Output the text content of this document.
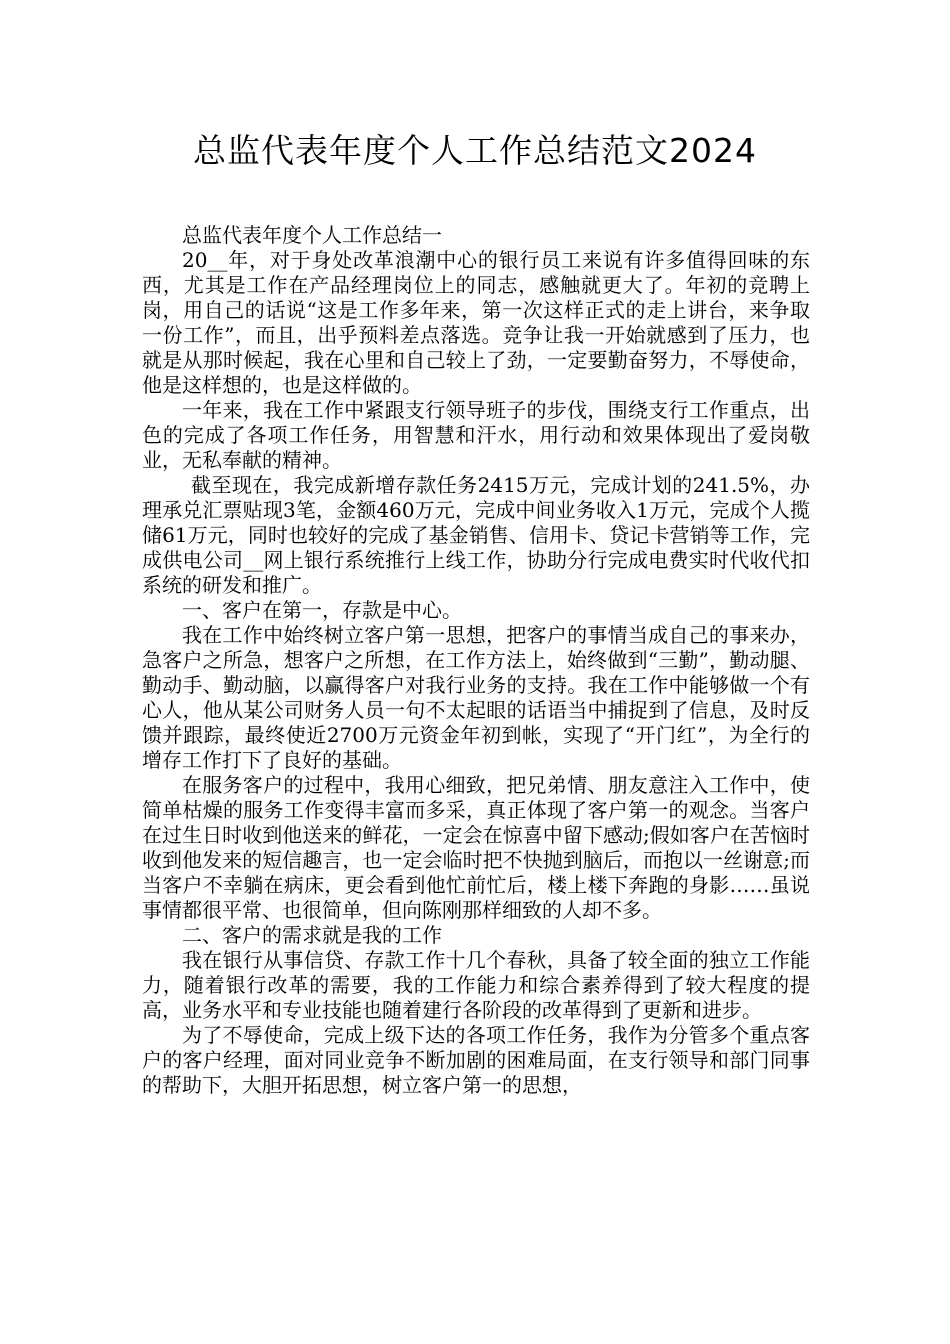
总监代表年度个人工作总结范文2024

总监代表年度个人工作总结一

20__年，对于身处改革浪潮中心的银行员工来说有许多值得回味的东西，尤其是工作在产品经理岗位上的同志，感触就更大了。年初的竞聘上岗，用自己的话说“这是工作多年来，第一次这样正式的走上讲台，来争取一份工作”，而且，出乎预料差点落选。竞争让我一开始就感到了压力，也就是从那时候起，我在心里和自己较上了劲，一定要勤奋努力，不辱使命，他是这样想的，也是这样做的。

一年来，我在工作中紧跟支行领导班子的步伐，围绕支行工作重点，出色的完成了各项工作任务，用智慧和汗水，用行动和效果体现出了爱岗敬业，无私奉献的精神。

截至现在，我完成新增存款任务2415万元，完成计划的241.5%，办理承兑汇票贴现3笔，金额460万元，完成中间业务收入1万元，完成个人揽储61万元，同时也较好的完成了基金销售、信用卡、贷记卡营销等工作，完成供电公司__网上银行系统推行上线工作，协助分行完成电费实时代收代扣系统的研发和推广。

一、客户在第一，存款是中心。

我在工作中始终树立客户第一思想，把客户的事情当成自己的事来办，急客户之所急，想客户之所想，在工作方法上，始终做到“三勤”，勤动腿、勤动手、勤动脑，以赢得客户对我行业务的支持。我在工作中能够做一个有心人，他从某公司财务人员一句不太起眼的话语当中捕捉到了信息，及时反馈并跟踪，最终使近2700万元资金年初到帐，实现了“开门红”，为全行的增存工作打下了良好的基础。

在服务客户的过程中，我用心细致，把兄弟情、朋友意注入工作中，使简单枯燥的服务工作变得丰富而多采，真正体现了客户第一的观念。当客户在过生日时收到他送来的鲜花，一定会在惊喜中留下感动;假如客户在苦恼时收到他发来的短信趣言，也一定会临时把不快抛到脑后，而抱以一丝谢意;而当客户不幸躺在病床，更会看到他忙前忙后，楼上楼下奔跑的身影……虽说事情都很平常、也很简单，但向陈刚那样细致的人却不多。

二、客户的需求就是我的工作

我在银行从事信贷、存款工作十几个春秋，具备了较全面的独立工作能力，随着银行改革的需要，我的工作能力和综合素养得到了较大程度的提高，业务水平和专业技能也随着建行各阶段的改革得到了更新和进步。

为了不辱使命，完成上级下达的各项工作任务，我作为分管多个重点客户的客户经理，面对同业竞争不断加剧的困难局面，在支行领导和部门同事的帮助下，大胆开拓思想，树立客户第一的思想，
